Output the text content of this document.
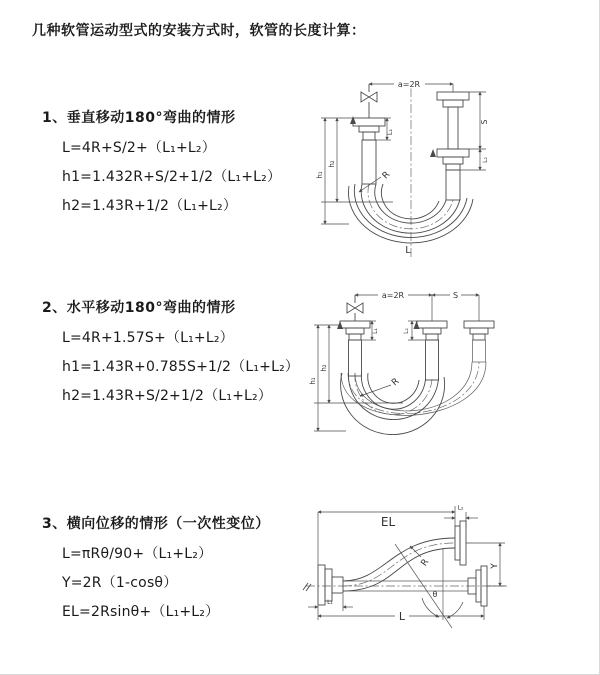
几种软管运动型式的安装方式时，软管的长度计算：
1、垂直移动180°弯曲的情形
L=4R+S/2+（L₁+L₂）
h1=1.432R+S/2+1/2（L₁+L₂）
h2=1.43R+1/2（L₁+L₂）
2、水平移动180°弯曲的情形
L=4R+1.57S+（L₁+L₂）
h1=1.43R+0.785S+1/2（L₁+L₂）
h2=1.43R+S/2+1/2（L₁+L₂）
3、横向位移的情形（一次性变位）
L=πRθ/90+（L₁+L₂）
Y=2R（1-cosθ）
EL=2Rsinθ+（L₁+L₂）
a=2R
L₁
S
L₂
h₁
h₂
R
L
a=2R	S
L₁	L₂
h₁
h₂
R
EL
L₂
Y
θ
R
L₁
L
